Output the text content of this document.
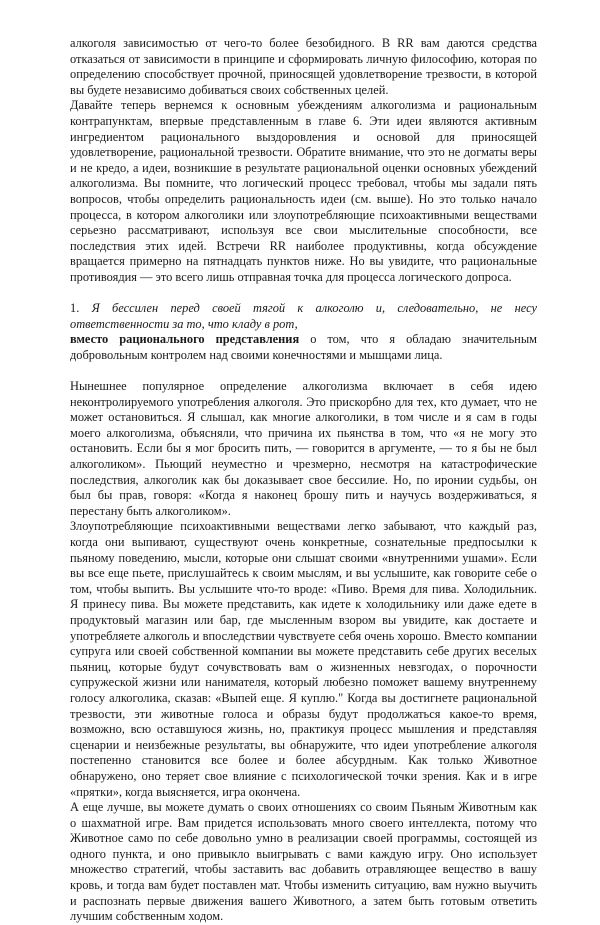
алкоголя зависимостью от чего-то более безобидного. В RR вам даются средства отказаться от зависимости в принципе и сформировать личную философию, которая по определению способствует прочной, приносящей удовлетворение трезвости, в которой вы будете независимо добиваться своих собственных целей.

Давайте теперь вернемся к основным убеждениям алкоголизма и рациональным контрапунктам, впервые представленным в главе 6. Эти идеи являются активным ингредиентом рационального выздоровления и основой для приносящей удовлетворение, рациональной трезвости. Обратите внимание, что это не догматы веры и не кредо, а идеи, возникшие в результате рациональной оценки основных убеждений алкоголизма. Вы помните, что логический процесс требовал, чтобы мы задали пять вопросов, чтобы определить рациональность идеи (см. выше). Но это только начало процесса, в котором алкоголики или злоупотребляющие психоактивными веществами серьезно рассматривают, используя все свои мыслительные способности, все последствия этих идей. Встречи RR наиболее продуктивны, когда обсуждение вращается примерно на пятнадцать пунктов ниже. Но вы увидите, что рациональные противоядия — это всего лишь отправная точка для процесса логического допроса.

1. Я бессилен перед своей тягой к алкоголю и, следовательно, не несу ответственности за то, что кладу в рот,

вместо рационального представления о том, что я обладаю значительным добровольным контролем над своими конечностями и мышцами лица.

Нынешнее популярное определение алкоголизма включает в себя идею неконтролируемого употребления алкоголя. Это прискорбно для тех, кто думает, что не может остановиться. Я слышал, как многие алкоголики, в том числе и я сам в годы моего алкоголизма, объясняли, что причина их пьянства в том, что «я не могу это остановить. Если бы я мог бросить пить, — говорится в аргументе, — то я бы не был алкоголиком». Пьющий неуместно и чрезмерно, несмотря на катастрофические последствия, алкоголик как бы доказывает свое бессилие. Но, по иронии судьбы, он был бы прав, говоря: «Когда я наконец брошу пить и научусь воздерживаться, я перестану быть алкоголиком».

Злоупотребляющие психоактивными веществами легко забывают, что каждый раз, когда они выпивают, существуют очень конкретные, сознательные предпосылки к пьяному поведению, мысли, которые они слышат своими «внутренними ушами». Если вы все еще пьете, прислушайтесь к своим мыслям, и вы услышите, как говорите себе о том, чтобы выпить. Вы услышите что-то вроде: «Пиво. Время для пива. Холодильник. Я принесу пива. Вы можете представить, как идете к холодильнику или даже едете в продуктовый магазин или бар, где мысленным взором вы увидите, как достаете и употребляете алкоголь и впоследствии чувствуете себя очень хорошо. Вместо компании супруга или своей собственной компании вы можете представить себе других веселых пьяниц, которые будут сочувствовать вам о жизненных невзгодах, о порочности супружеской жизни или нанимателя, который любезно поможет вашему внутреннему голосу алкоголика, сказав: «Выпей еще. Я куплю." Когда вы достигнете рациональной трезвости, эти животные голоса и образы будут продолжаться какое-то время, возможно, всю оставшуюся жизнь, но, практикуя процесс мышления и представляя сценарии и неизбежные результаты, вы обнаружите, что идеи употребление алкоголя постепенно становится все более и более абсурдным. Как только Животное обнаружено, оно теряет свое влияние с психологической точки зрения. Как и в игре «прятки», когда выясняется, игра окончена.

А еще лучше, вы можете думать о своих отношениях со своим Пьяным Животным как о шахматной игре. Вам придется использовать много своего интеллекта, потому что Животное само по себе довольно умно в реализации своей программы, состоящей из одного пункта, и оно привыкло выигрывать с вами каждую игру. Оно использует множество стратегий, чтобы заставить вас добавить отравляющее вещество в вашу кровь, и тогда вам будет поставлен мат. Чтобы изменить ситуацию, вам нужно выучить и распознать первые движения вашего Животного, а затем быть готовым ответить лучшим собственным ходом.
